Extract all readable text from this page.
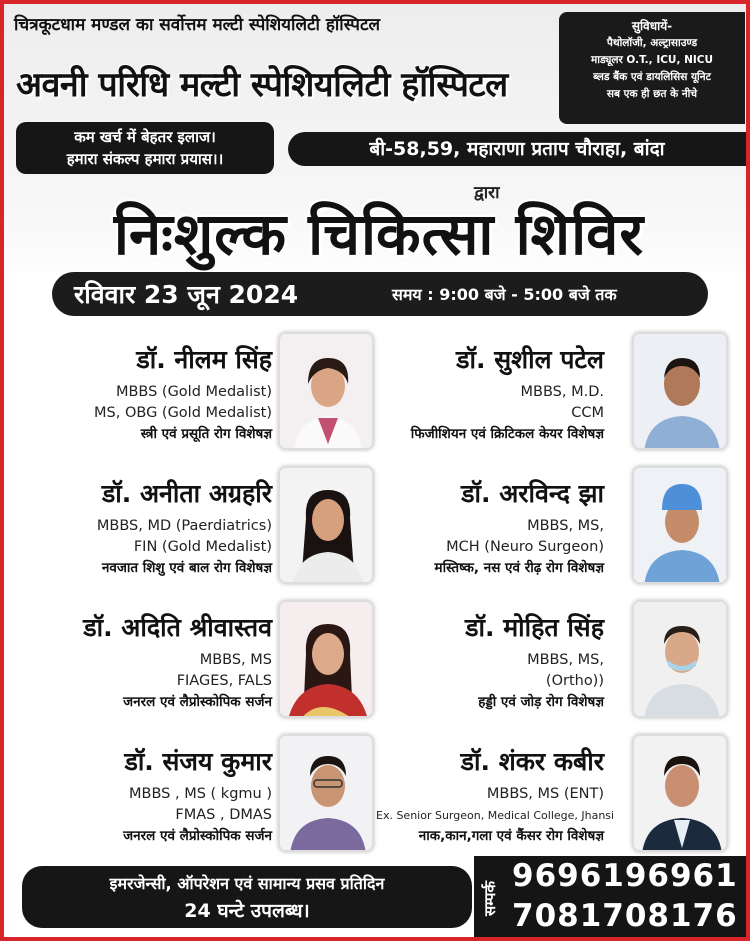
चित्रकूटधाम मण्डल का सर्वोत्तम मल्टी स्पेशियलिटी हॉस्पिटल
अवनी परिधि मल्टी स्पेशियलिटी हॉस्पिटल
सुविधायें-
पैथोलॉजी, अल्ट्रासाउण्ड
माड्यूलर O.T., ICU, NICU
ब्लड बैंक एवं डायलिसिस यूनिट
सब एक ही छत के नीचे
कम खर्च में बेहतर इलाज।
हमारा संकल्प हमारा प्रयास।।	बी-58,59, महाराणा प्रताप चौराहा, बांदा
द्वारा
निःशुल्क चिकित्सा शिविर
रविवार 23 जून 2024	समय : 9:00 बजे - 5:00 बजे तक
डॉ. नीलम सिंह
MBBS (Gold Medalist)
MS, OBG (Gold Medalist)
स्त्री एवं प्रसूति रोग विशेषज्ञ
डॉ. सुशील पटेल
MBBS, M.D.
CCM
फिजीशियन एवं क्रिटिकल केयर विशेषज्ञ
डॉ. अनीता अग्रहरि
MBBS, MD (Paerdiatrics)
FIN (Gold Medalist)
नवजात शिशु एवं बाल रोग विशेषज्ञ
डॉ. अरविन्द झा
MBBS, MS,
MCH (Neuro Surgeon)
मस्तिष्क, नस एवं रीढ़ रोग विशेषज्ञ
डॉ. अदिति श्रीवास्तव
MBBS, MS
FIAGES, FALS
जनरल एवं लैप्रोस्कोपिक सर्जन
डॉ. मोहित सिंह
MBBS, MS,
(Ortho))
हड्डी एवं जोड़ रोग विशेषज्ञ
डॉ. संजय कुमार
MBBS , MS ( kgmu )
FMAS , DMAS
जनरल एवं लैप्रोस्कोपिक सर्जन
डॉ. शंकर कबीर
MBBS, MS (ENT)
Ex. Senior Surgeon, Medical College, Jhansi
नाक,कान,गला एवं कैंसर रोग विशेषज्ञ
इमरजेन्सी, ऑपरेशन एवं सामान्य प्रसव प्रतिदिन
24 घन्टे उपलब्ध।	सम्पर्क
9696196961
7081708176
